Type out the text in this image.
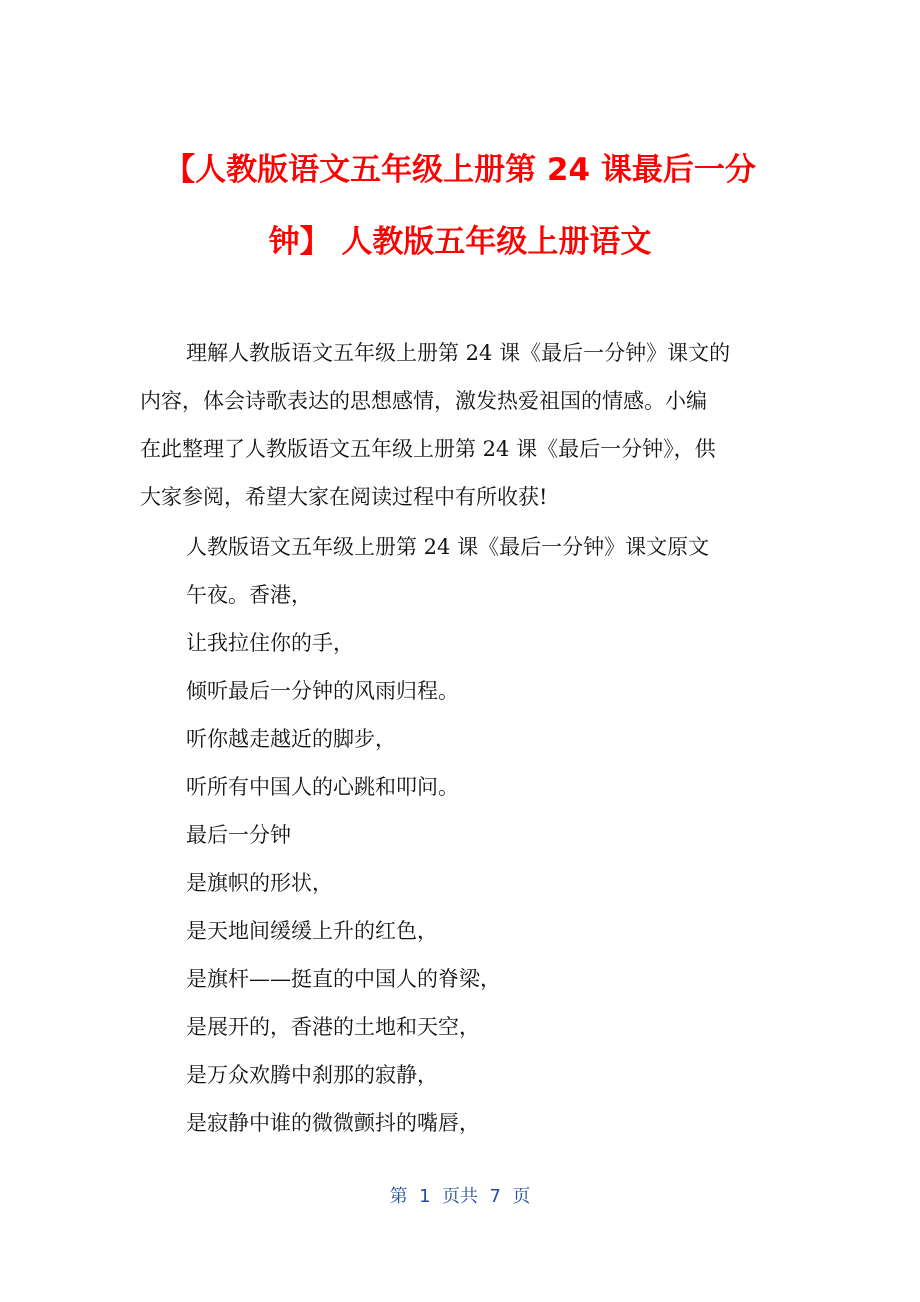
【人教版语文五年级上册第 24 课最后一分
钟】 人教版五年级上册语文
理解人教版语文五年级上册第 24 课《最后一分钟》课文的
内容，体会诗歌表达的思想感情，激发热爱祖国的情感。小编
在此整理了人教版语文五年级上册第 24 课《最后一分钟》，供
大家参阅，希望大家在阅读过程中有所收获!
人教版语文五年级上册第 24 课《最后一分钟》课文原文
午夜。香港，
让我拉住你的手，
倾听最后一分钟的风雨归程。
听你越走越近的脚步，
听所有中国人的心跳和叩问。
最后一分钟
是旗帜的形状，
是天地间缓缓上升的红色，
是旗杆——挺直的中国人的脊梁，
是展开的，香港的土地和天空，
是万众欢腾中刹那的寂静，
是寂静中谁的微微颤抖的嘴唇，
第  1  页共  7  页
